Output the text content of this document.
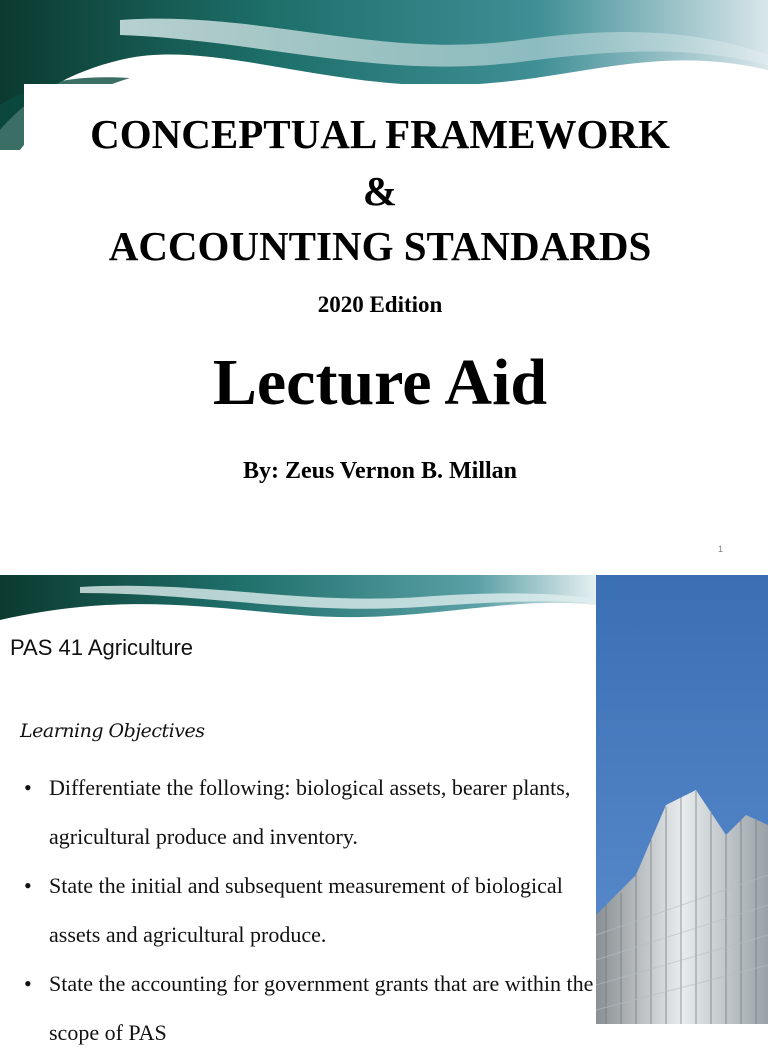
CONCEPTUAL FRAMEWORK
&
ACCOUNTING STANDARDS
2020 Edition
Lecture Aid
By: Zeus Vernon B. Millan
1
PAS 41 Agriculture
Learning Objectives
• Differentiate the following: biological assets, bearer plants, agricultural produce and inventory.
• State the initial and subsequent measurement of biological assets and agricultural produce.
• State the accounting for government grants that are within the scope of PAS
